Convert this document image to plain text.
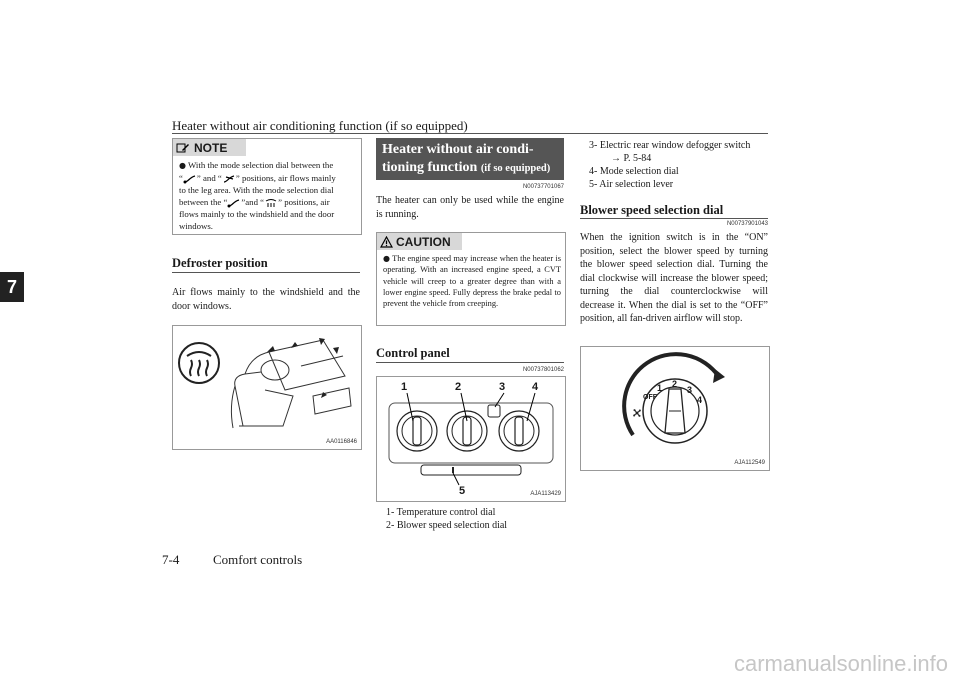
Heater without air conditioning function (if so equipped)
7
NOTE
● With the mode selection dial between the
“ ” and “ ” positions, air flows mainly
to the leg area. With the mode selection dial
between the “ ”and “ ” positions, air
flows mainly to the windshield and the door
windows.
Defroster position
Air flows mainly to the windshield and the door windows.
AA0116846
Heater without air condi-
tioning function (if so equipped)
N00737701067
The heater can only be used while the engine is running.
CAUTION
● The engine speed may increase when the heater is operating. With an increased engine speed, a CVT vehicle will creep to a greater degree than with a lower engine speed. Fully depress the brake pedal to prevent the vehicle from creeping.
Control panel
N00737801062
1	2	3 4
5	AJA113429
1- Temperature control dial
2- Blower speed selection dial
3- Electric rear window defogger switch
→ P. 5-84
4- Mode selection dial
5- Air selection lever
Blower speed selection dial
N00737901043
When the ignition switch is in the “ON” position, select the blower speed by turning the blower speed selection dial. Turning the dial clockwise will increase the blower speed; turning the dial counterclockwise will decrease it. When the dial is set to the “OFF” position, all fan-driven airflow will stop.
OFF
1 2
3
4
AJA112549
7-4	Comfort controls
carmanualsonline.info
